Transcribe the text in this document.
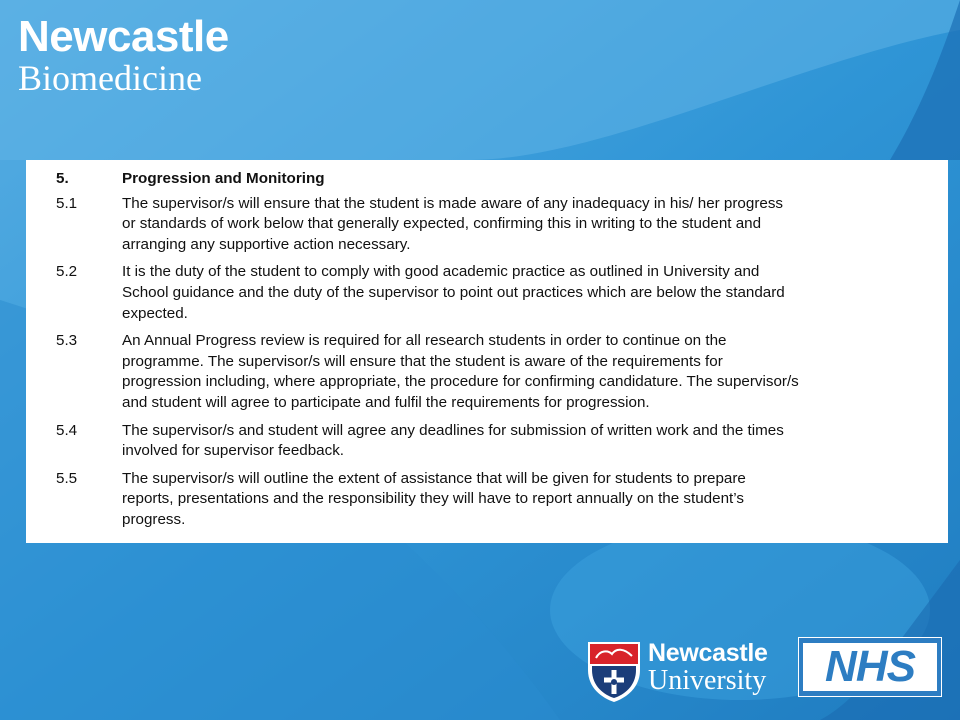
Newcastle
Biomedicine
5.	Progression and Monitoring
5.1	The supervisor/s will ensure that the student is made aware of any inadequacy in his/ her progress
or standards of work below that generally expected, confirming this in writing to the student and
arranging any supportive action necessary.
5.2	It is the duty of the student to comply with good academic practice as outlined in University and
School guidance and the duty of the supervisor to point out practices which are below the standard
expected.
5.3	An Annual Progress review is required for all research students in order to continue on the
programme. The supervisor/s will ensure that the student is aware of the requirements for
progression including, where appropriate, the procedure for confirming candidature. The supervisor/s
and student will agree to participate and fulfil the requirements for progression.
5.4	The supervisor/s and student will agree any deadlines for submission of written work and the times
involved for supervisor feedback.
5.5	The supervisor/s will outline the extent of assistance that will be given for students to prepare
reports, presentations and the responsibility they will have to report annually on the student’s
progress.
Newcastle
University	NHS
